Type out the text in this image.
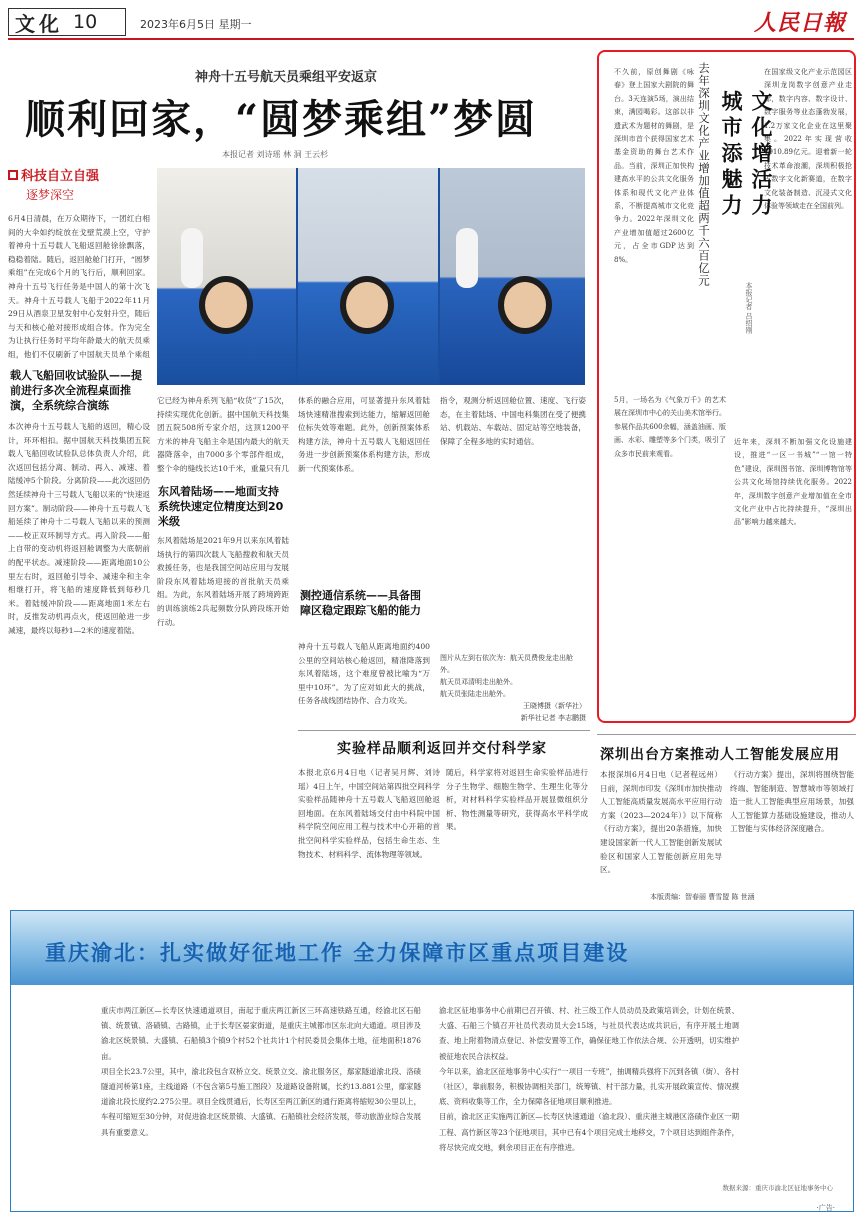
文化 10	2023年6月5日 星期一	人民日報
神舟十五号航天员乘组平安返京
顺利回家，“圆梦乘组”梦圆
本报记者 刘诗瑶 林 洞 王云杉
科技自立自强
逐梦深空
6月4日清晨，在万众期待下，一团红白相间的大伞如约绽放在戈壁荒漠上空，守护着神舟十五号载人飞船返回舱徐徐飘落，稳稳着陆。随后，返回舱舱门打开，“圆梦乘组”在完成6个月的飞行后，顺利回家。神舟十五号飞行任务是中国人的第十次飞天。神舟十五号载人飞船于2022年11月29日从酒泉卫星发射中心发射升空，随后与天和核心舱对接形成组合体。作为完全为让执行任务时平均年龄最大的航天员乘组，他们不仅刷新了中国航天员单个乘组
载人飞船回收试验队——提前进行多次全流程桌面推演，全系统综合演练
本次神舟十五号载人飞船的返回，精心设计，环环相扣。据中国航天科技集团五院载人飞船回收试验队总体负责人介绍，此次返回包括分离、制动、再入、减速、着陆缓冲5个阶段。分离阶段——此次返回仍然延续神舟十三号载人飞船以来的“快速返回方案”。制动阶段——神舟十五号载人飞船延续了神舟十二号载人飞船以来的预测——校正双环制导方式。再入阶段——船上自带的变动机将返回舱调整为大底朝前的配平状态。减速阶段——距离地面10公里左右时，返回舱引导伞、减速伞和主伞相继打开，将飞船的速度降低到每秒几米。着陆缓冲阶段——距离地面1米左右时，反推发动机再点火，使返回舱进一步减速，最终以每秒1—2米的速度着陆。
它已经为神舟系列飞船“收货”了15次，持续实现优化创新。据中国航天科技集团五院508所专家介绍，这顶1200平方米的神舟飞船主伞是国内最大的航天器降落伞，由7000多个零部件组成，整个伞的缝线长达10千米，重量只有几
东风着陆场——地面支持系统快速定位精度达到20米级
东风着陆场是2021年9月以来东风着陆场执行的第四次载人飞船搜救和航天员救援任务，也是我国空间站应用与发展阶段东风着陆场迎接的首批航天员乘组。为此，东风着陆场开展了跨境跨距的训练演练2兵起频数分队跨段练开始行动。
体系的融合应用，可显著提升东风着陆场快速精准搜索到达能力，缩解返回舱位标失效等难题。此外，创新预案体系构建方法，神舟十五号载人飞船返回任务进一步创新预案体系构建方法，形成新一代预案体系。
测控通信系统——具备围障区稳定跟踪飞船的能力
神舟十五号载人飞船从距离地面约400公里的空间站核心舱返回，精准降落到东风着陆场，这个难度曾被比喻为“万里中10环”。为了应对如此大的挑战，任务各战线团结协作、合力攻关。
指令，观测分析返回舱位置、速度、飞行姿态，在主着陆场、中国电科集团在受了便携站、机载站、车载站、固定站等空地装备，保障了全程多地的实时通信。
图片从左到右依次为：航天员费俊龙走出舱外。
航天员邓清明走出舱外。
航天员张陆走出舱外。
王晓博摄（新华社）
新华社记者 李志鹏摄
在国家级文化产业示范园区深圳龙岗数字创意产业走廊，数字内容、数字设计、数字服务等业态蓬勃发展，1.2万家文化企业在这里聚集。2022年实现营收1910.89亿元。迎着新一轮技术革命浪潮，深圳积极抢占数字文化新赛道，在数字文化装备制造、沉浸式文化体验等领域走在全国前列。
文化增活力
城市添魅力
去年深圳文化产业增加值超两千六百亿元
本报记者 吕绍刚
不久前，原创舞剧《咏春》登上国家大剧院的舞台。3天连演5场，演出结束，满园喝彩。这部以非遗武术为题材的舞剧，是深圳市首个获得国家艺术基金资助的舞台艺术作品。当前，深圳正加快构建高水平的公共文化服务体系和现代文化产业体系，不断提高城市文化竞争力。2022年深圳文化产业增加值超过2600亿元，占全市GDP达到8%。
5月，一场名为《气象万千》的艺术展在深圳市中心的关山美术馆举行。参展作品共600余幅，涵盖油画、版画、水彩、雕塑等多个门类，吸引了众多市民前来观看。
近年来，深圳不断加强文化设施建设，推进“一区一书城”“一馆一特色”建设，深圳图书馆、深圳博物馆等公共文化场馆持续优化服务。2022年，深圳数字创意产业增加值在全市文化产业中占比持续提升，“深圳出品”影响力越来越大。
实验样品顺利返回并交付科学家
本报北京6月4日电（记者吴月辉、刘诗瑶）4日上午，中国空间站第四批空间科学实验样品随神舟十五号载人飞船返回舱返回地面。在东风着陆场交付由中科院中国科学院空间应用工程与技术中心开箱的首批空间科学实验样品，包括生命生态、生物技术、材料科学、流体物理等领域。
随后，科学家将对返回生命实验样品进行分子生物学、细胞生物学、生理生化等分析，对材料科学实验样品开展显微组织分析、物性测量等研究，获得高水平科学成果。
深圳出台方案推动人工智能发展应用
本报深圳6月4日电（记者程远州）日前，深圳市印发《深圳市加快推动人工智能高质量发展高水平应用行动方案（2023—2024年）》以下简称《行动方案》，提出20条措施，加快建设国家新一代人工智能创新发展试验区和国家人工智能创新应用先导区。
《行动方案》提出，深圳将围绕智能终端、智能制造、智慧城市等领域打造一批人工智能典型应用场景，加强人工智能算力基础设施建设，推动人工智能与实体经济深度融合。
本版责编：智春丽 曹雪盟 陈 世涵
重庆渝北：扎实做好征地工作 全力保障市区重点项目建设

重庆市两江新区—长寿区快速通道项目，南起于重庆两江新区三环高速铁路互通，经渝北区石船镇、统景镇、洛碛镇、古路镇，止于长寿区晏家街道，是重庆主城都市区东北向大通道。项目涉及渝北区统景镇、大盛镇、石船镇3个镇9个村52个社共计1个村民委员会集体土地，征地面积1876亩。

项目全长23.7公里，其中，渝北段包含双桥立交、统景立交、渝北服务区，鄢家隧道渝北段、洛碛隧道河桥第1座，主线道路（不包含第5号施工图段）及道路设备附属，长约13.881公里，鄢家隧道渝北段长度约2.275公里。项目全线贯通后，长寿区至两江新区的通行距离将缩短30公里以上，车程可缩短至30分钟，对促进渝北区统景镇、大盛镇、石船镇社会经济发展，带动旅游业综合发展具有重要意义。

渝北区征地事务中心前期已召开镇、村、社三级工作人员动员及政策培训会，计划在统景、大盛、石船三个镇召开社员代表动员大会15场，与社员代表达成共识后，有序开展土地调查、地上附着物清点登记、补偿安置等工作，确保征地工作依法合规、公开透明，切实维护被征地农民合法权益。

今年以来，渝北区征地事务中心实行“一项目一专班”，抽调精兵强将下沉到各镇（街）、各村（社区），靠前服务，积极协调相关部门，统筹镇、村干部力量，扎实开展政策宣传、情况摸底、资料收集等工作，全力保障各征地项目顺利推进。

目前，渝北区正实施两江新区—长寿区快速通道（渝北段）、重庆港主城港区洛碛作业区一期工程、高竹新区等23个征地项目，其中已有4个项目完成土地移交，7个项目达到组件条件，将尽快完成交地，剩余项目正在有序推进。

数据来源：重庆市渝北区征地事务中心
·广告·
